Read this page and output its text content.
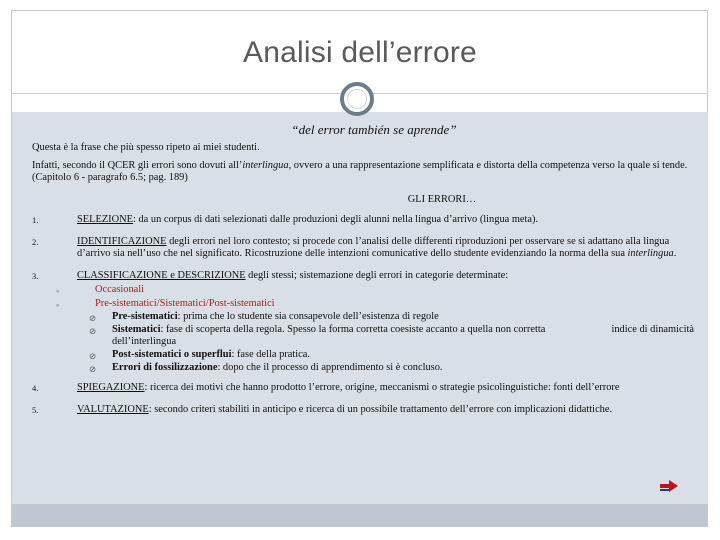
Analisi dell’errore
“del error también se aprende”
Questa è la frase che più spesso ripeto ai miei studenti.
Infatti, secondo il QCER gli errori sono dovuti all’interlingua, ovvero a una rappresentazione semplificata e distorta della competenza verso la quale si tende. (Capitolo 6 - paragrafo 6.5; pag. 189)
GLI ERRORI…
1.	SELEZIONE: da un corpus di dati selezionati dalle produzioni degli alunni nella lingua d’arrivo (lingua meta).
2.	IDENTIFICAZIONE degli errori nel loro contesto; si procede con l’analisi delle differenti riproduzioni per osservare se si adattano alla lingua d’arrivo sia nell’uso che nel significato. Ricostruzione delle intenzioni comunicative dello studente evidenziando la norma della sua interlingua.
3.	CLASSIFICAZIONE e DESCRIZIONE degli stessi; sistemazione degli errori in categorie determinate:
◦	Occasionali
◦	Pre-sistematici/Sistematici/Post-sistematici
⊘ Pre-sistematici: prima che lo studente sia consapevole dell’esistenza di regole
⊘ Sistematici: fase di scoperta della regola. Spesso la forma corretta coesiste accanto a quella non corretta	indice di dinamicità
dell’interlingua
⊘ Post-sistematici o superflui: fase della pratica.
⊘ Errori di fossilizzazione: dopo che il processo di apprendimento si è concluso.
4.	SPIEGAZIONE: ricerca dei motivi che hanno prodotto l’errore, origine, meccanismi o strategie psicolinguistiche: fonti dell’errore
5.	VALUTAZIONE: secondo criteri stabiliti in anticipo e ricerca di un possibile trattamento dell’errore con implicazioni didattiche.
